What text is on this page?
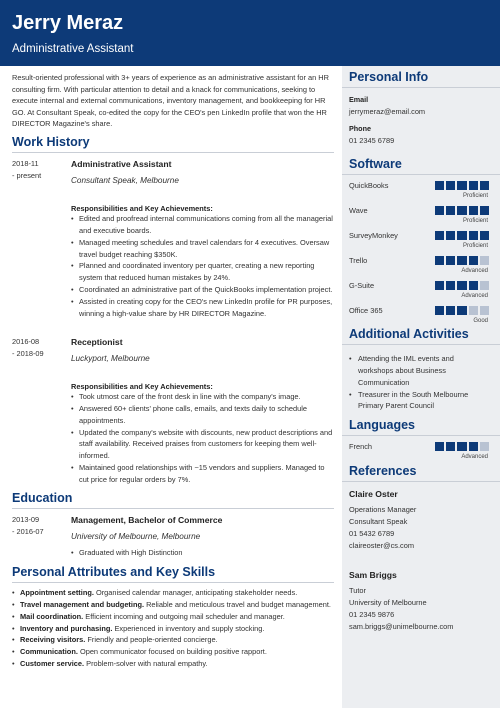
Jerry Meraz
Administrative Assistant
Result-oriented professional with 3+ years of experience as an administrative assistant for an HR consulting firm. With particular attention to detail and a knack for communications, seeking to execute internal and external communications, inventory management, and bookkeeping for HR GO. At Consultant Speak, co-edited the copy for the CEO's pen LinkedIn profile that won the HR DIRECTOR Magazine's share.
Work History
2018-11
- present
Administrative Assistant
Consultant Speak, Melbourne
Responsibilities and Key Achievements:
• Edited and proofread internal communications coming from all the managerial and executive boards.
• Managed meeting schedules and travel calendars for 4 executives. Oversaw travel budget reaching $350K.
• Planned and coordinated inventory per quarter, creating a new reporting system that reduced human mistakes by 24%.
• Coordinated an administrative part of the QuickBooks implementation project.
• Assisted in creating copy for the CEO's new LinkedIn profile for PR purposes, winning a high-value share by HR DIRECTOR Magazine.
2016-08
- 2018-09
Receptionist
Luckyport, Melbourne
Responsibilities and Key Achievements:
• Took utmost care of the front desk in line with the company's image.
• Answered 60+ clients' phone calls, emails, and texts daily to schedule appointments.
• Updated the company's website with discounts, new product descriptions and staff availability. Received praises from customers for keeping them well-informed.
• Maintained good relationships with ~15 vendors and suppliers. Managed to cut price for regular orders by 7%.
Education
2013-09
- 2016-07
Management, Bachelor of Commerce
University of Melbourne, Melbourne
• Graduated with High Distinction
Personal Attributes and Key Skills
• Appointment setting. Organised calendar manager, anticipating stakeholder needs.
• Travel management and budgeting. Reliable and meticulous travel and budget management.
• Mail coordination. Efficient incoming and outgoing mail scheduler and manager.
• Inventory and purchasing. Experienced in inventory and supply stocking.
• Receiving visitors. Friendly and people-oriented concierge.
• Communication. Open communicator focused on building positive rapport.
• Customer service. Problem-solver with natural empathy.
Personal Info
Email
jerrymeraz@email.com
Phone
01 2345 6789
Software
QuickBooks
Proficient
Wave
Proficient
SurveyMonkey
Proficient
Trello
Advanced
G-Suite
Advanced
Office 365
Good
Additional Activities
• Attending the IML events and workshops about Business Communication
• Treasurer in the South Melbourne Primary Parent Council
Languages
French
Advanced
References
Claire Oster
Operations Manager
Consultant Speak
01 5432 6789
claireoster@cs.com
Sam Briggs
Tutor
University of Melbourne
01 2345 9876
sam.briggs@unimelbourne.com
